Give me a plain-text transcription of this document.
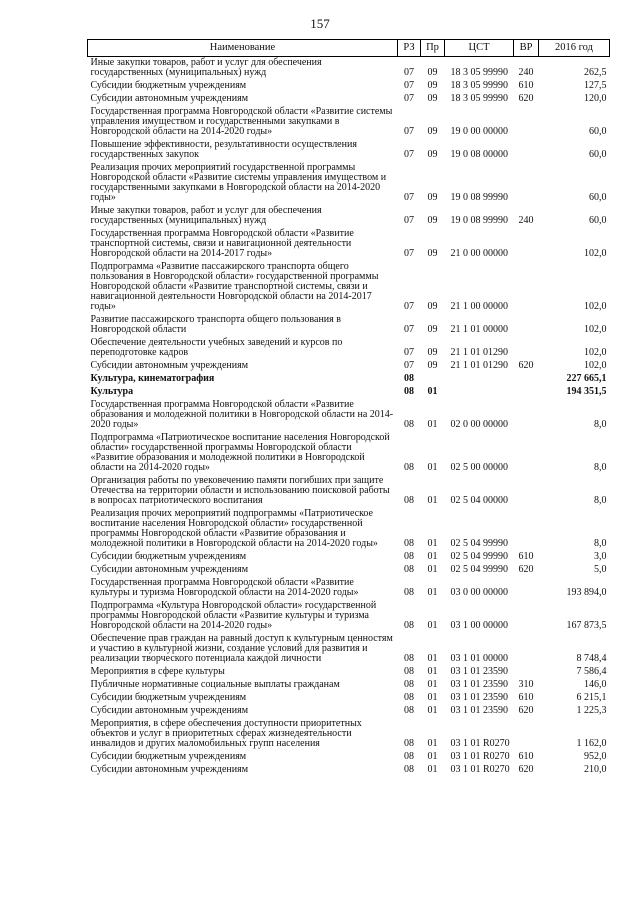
157
Наименование	РЗ	Пр	ЦСТ	ВР	2016 год
Иные закупки товаров, работ и услуг для обеспечения государственных (муниципальных) нужд	07	09	18 3 05 99990	240	262,5
Субсидии бюджетным учреждениям	07	09	18 3 05 99990	610	127,5
Субсидии автономным учреждениям	07	09	18 3 05 99990	620	120,0
Государственная программа Новгородской области «Развитие системы управления имуществом и государственными закупками в Новгородской области на 2014-2020 годы»	07	09	19 0 00 00000		60,0
Повышение эффективности, результативности осуществления государственных закупок	07	09	19 0 08 00000		60,0
Реализация прочих мероприятий государственной программы Новгородской области «Развитие системы управления имуществом и государственными закупками в Новгородской области на 2014-2020 годы»	07	09	19 0 08 99990		60,0
Иные закупки товаров, работ и услуг для обеспечения государственных (муниципальных) нужд	07	09	19 0 08 99990	240	60,0
Государственная программа Новгородской области «Развитие транспортной системы, связи и навигационной деятельности Новгородской области на 2014-2017 годы»	07	09	21 0 00 00000		102,0
Подпрограмма «Развитие пассажирского транспорта общего пользования в Новгородской области» государственной программы Новгородской области «Развитие транспортной системы, связи и навигационной деятельности Новгородской области на 2014-2017 годы»	07	09	21 1 00 00000		102,0
Развитие пассажирского транспорта общего пользования в Новгородской области	07	09	21 1 01 00000		102,0
Обеспечение деятельности учебных заведений и курсов по переподготовке кадров	07	09	21 1 01 01290		102,0
Субсидии автономным учреждениям	07	09	21 1 01 01290	620	102,0
Культура, кинематография	08				227 665,1
Культура	08	01			194 351,5
Государственная программа Новгородской области «Развитие образования и молодежной политики в Новгородской области на 2014-2020 годы»	08	01	02 0 00 00000		8,0
Подпрограмма «Патриотическое воспитание населения Новгородской области» государственной программы Новгородской области «Развитие образования и молодежной политики в Новгородской области на 2014-2020 годы»	08	01	02 5 00 00000		8,0
Организация работы по увековечению памяти погибших при защите Отечества на территории области и использованию поисковой работы в вопросах патриотического воспитания	08	01	02 5 04 00000		8,0
Реализация прочих мероприятий подпрограммы «Патриотическое воспитание населения Новгородской области» государственной программы Новгородской области «Развитие образования и молодежной политики в Новгородской области на 2014-2020 годы»	08	01	02 5 04 99990		8,0
Субсидии бюджетным учреждениям	08	01	02 5 04 99990	610	3,0
Субсидии автономным учреждениям	08	01	02 5 04 99990	620	5,0
Государственная программа Новгородской области «Развитие культуры и туризма Новгородской области на 2014-2020 годы»	08	01	03 0 00 00000		193 894,0
Подпрограмма «Культура Новгородской области» государственной программы Новгородской области «Развитие культуры и туризма Новгородской области на 2014-2020 годы»	08	01	03 1 00 00000		167 873,5
Обеспечение прав граждан на равный доступ к культурным ценностям и участию в культурной жизни, создание условий для развития и реализации творческого потенциала каждой личности	08	01	03 1 01 00000		8 748,4
Мероприятия в сфере культуры	08	01	03 1 01 23590		7 586,4
Публичные нормативные социальные выплаты гражданам	08	01	03 1 01 23590	310	146,0
Субсидии бюджетным учреждениям	08	01	03 1 01 23590	610	6 215,1
Субсидии автономным учреждениям	08	01	03 1 01 23590	620	1 225,3
Мероприятия, в сфере обеспечения доступности приоритетных объектов и услуг в приоритетных сферах жизнедеятельности инвалидов и других маломобильных групп населения	08	01	03 1 01 R0270		1 162,0
Субсидии бюджетным учреждениям	08	01	03 1 01 R0270	610	952,0
Субсидии автономным учреждениям	08	01	03 1 01 R0270	620	210,0
